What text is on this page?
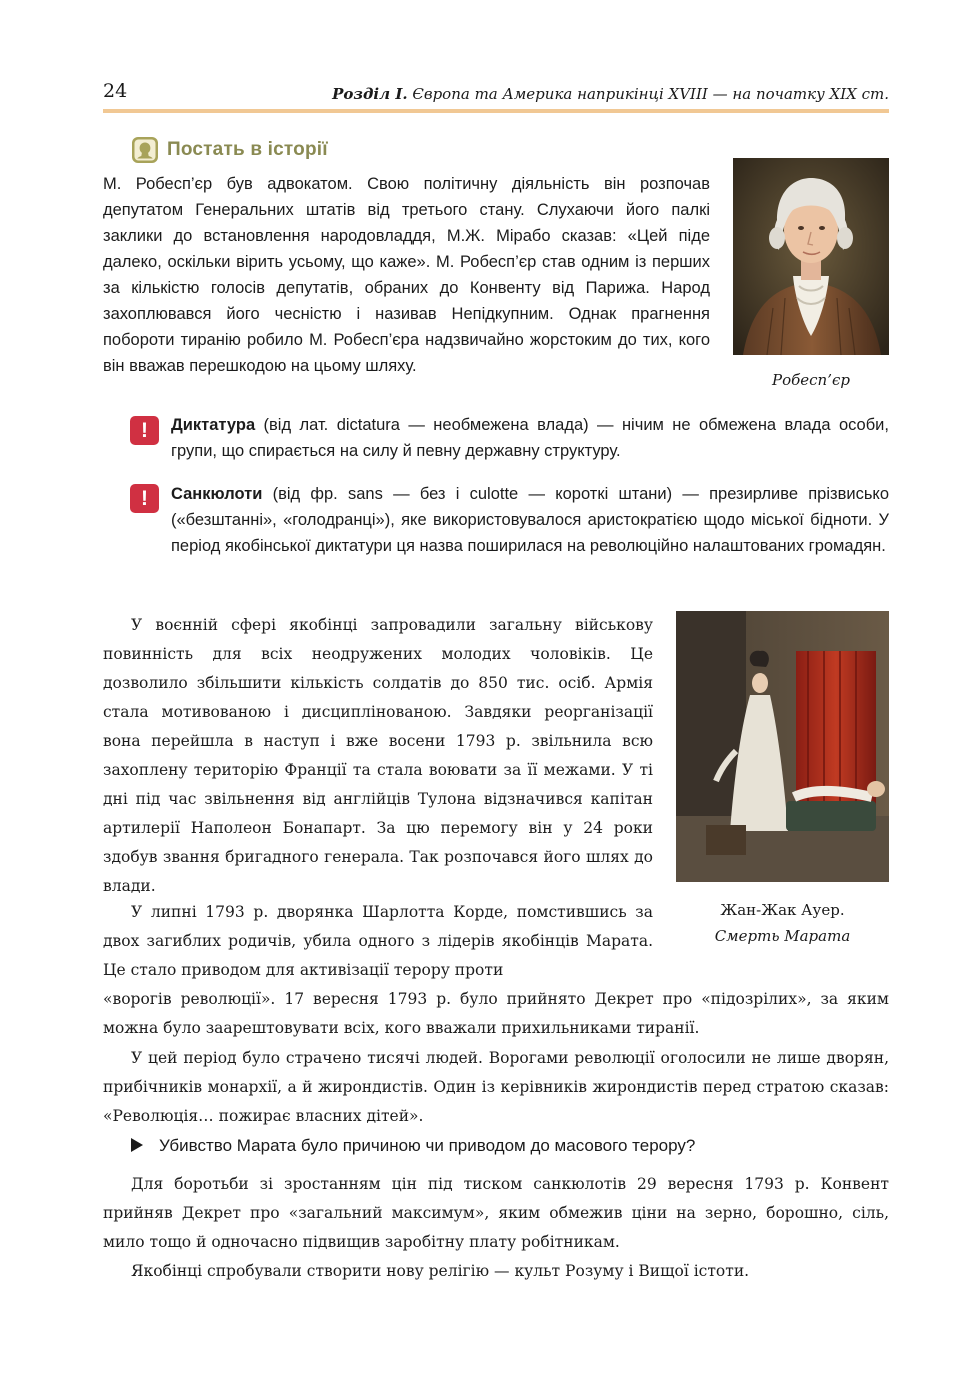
24	Розділ І. Європа та Америка наприкінці XVIII — на початку ХІХ ст.
Постать в історії
М. Робесп’єр був адвокатом. Свою політичну діяльність він розпочав депутатом Генеральних штатів від третього стану. Слухаючи його палкі заклики до встановлення народовладдя, М.Ж. Мірабо сказав: «Цей піде далеко, оскільки вірить усьому, що каже». М. Робесп’єр став одним із перших за кількістю голосів депутатів, обраних до Конвенту від Парижа. Народ захоплювався його чесністю і називав Непідкупним. Однак прагнення побороти тиранію робило М. Робесп’єра надзвичайно жорстоким до тих, кого він вважав перешкодою на цьому шляху.
Робесп’єр
!	Диктатура (від лат. dictatura — необмежена влада) — нічим не обмежена влада особи, групи, що спирається на силу й певну державну структуру.
!	Санкюлоти (від фр. sans — без і culotte — короткі штани) — презирливе прізвисько («безштанні», «голодранці»), яке використовувалося аристократією щодо міської бідноти. У період якобінської диктатури ця назва поширилася на революційно налаштованих громадян.
У воєнній сфері якобінці запровадили загальну військову повинність для всіх неодружених молодих чоловіків. Це дозволило збільшити кількість солдатів до 850 тис. осіб. Армія стала мотивованою і дисциплінованою. Завдяки реорганізації вона перейшла в наступ і вже восени 1793 р. звільнила всю захоплену територію Франції та стала воювати за її межами. У ті дні під час звільнення від англійців Тулона відзначився капітан артилерії Наполеон Бонапарт. За цю перемогу він у 24 роки здобув звання бригадного генерала. Так розпочався його шлях до влади.
Жан-Жак Ауер.
Смерть Марата
У липні 1793 р. дворянка Шарлотта Корде, помстившись за двох загиблих родичів, убила одного з лідерів якобінців Марата. Це стало приводом для активізації терору проти
«ворогів революції». 17 вересня 1793 р. було прийнято Декрет про «підозрілих», за яким можна було заарештовувати всіх, кого вважали прихильниками тиранії.
У цей період було страчено тисячі людей. Ворогами революції оголосили не лише дворян, прибічників монархії, а й жирондистів. Один із керівників жирондистів перед стратою сказав: «Революція… пожирає власних дітей».
Убивство Марата було причиною чи приводом до масового терору?
Для боротьби зі зростанням цін під тиском санкюлотів 29 вересня 1793 р. Конвент прийняв Декрет про «загальний максимум», яким обмежив ціни на зерно, борошно, сіль, мило тощо й одночасно підвищив заробітну плату робітникам.
Якобінці спробували створити нову релігію — культ Розуму і Вищої істоти.
